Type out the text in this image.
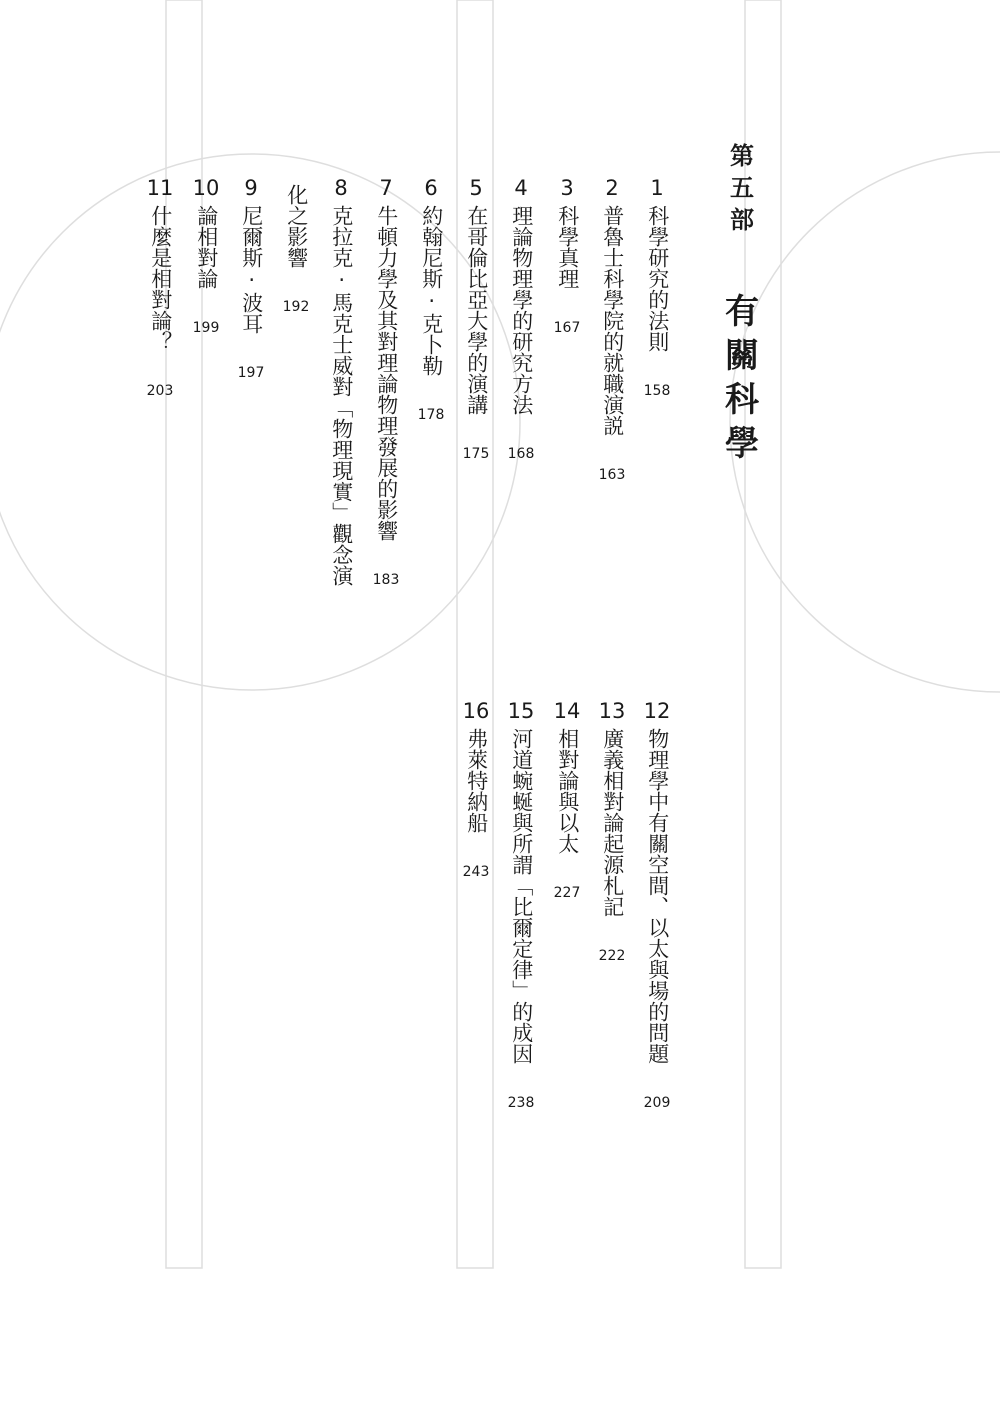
第五部
有關科學
1
科學研究的法則
158
2
普魯士科學院的就職演説
163
3
科學真理
167
4
理論物理學的研究方法
168
5
在哥倫比亞大學的演講
175
6
約翰尼斯·克卜勒
178
7
牛頓力學及其對理論物理發展的影響
183
8
克拉克·馬克士威對「物理現實」觀念演
化之影響
192
9
尼爾斯·波耳
197
10
論相對論
199
11
什麼是相對論？
203
12
物理學中有關空間、以太與場的問題
209
13
廣義相對論起源札記
222
14
相對論與以太
227
15
河道蜿蜒與所謂「比爾定律」的成因
238
16
弗萊特納船
243
